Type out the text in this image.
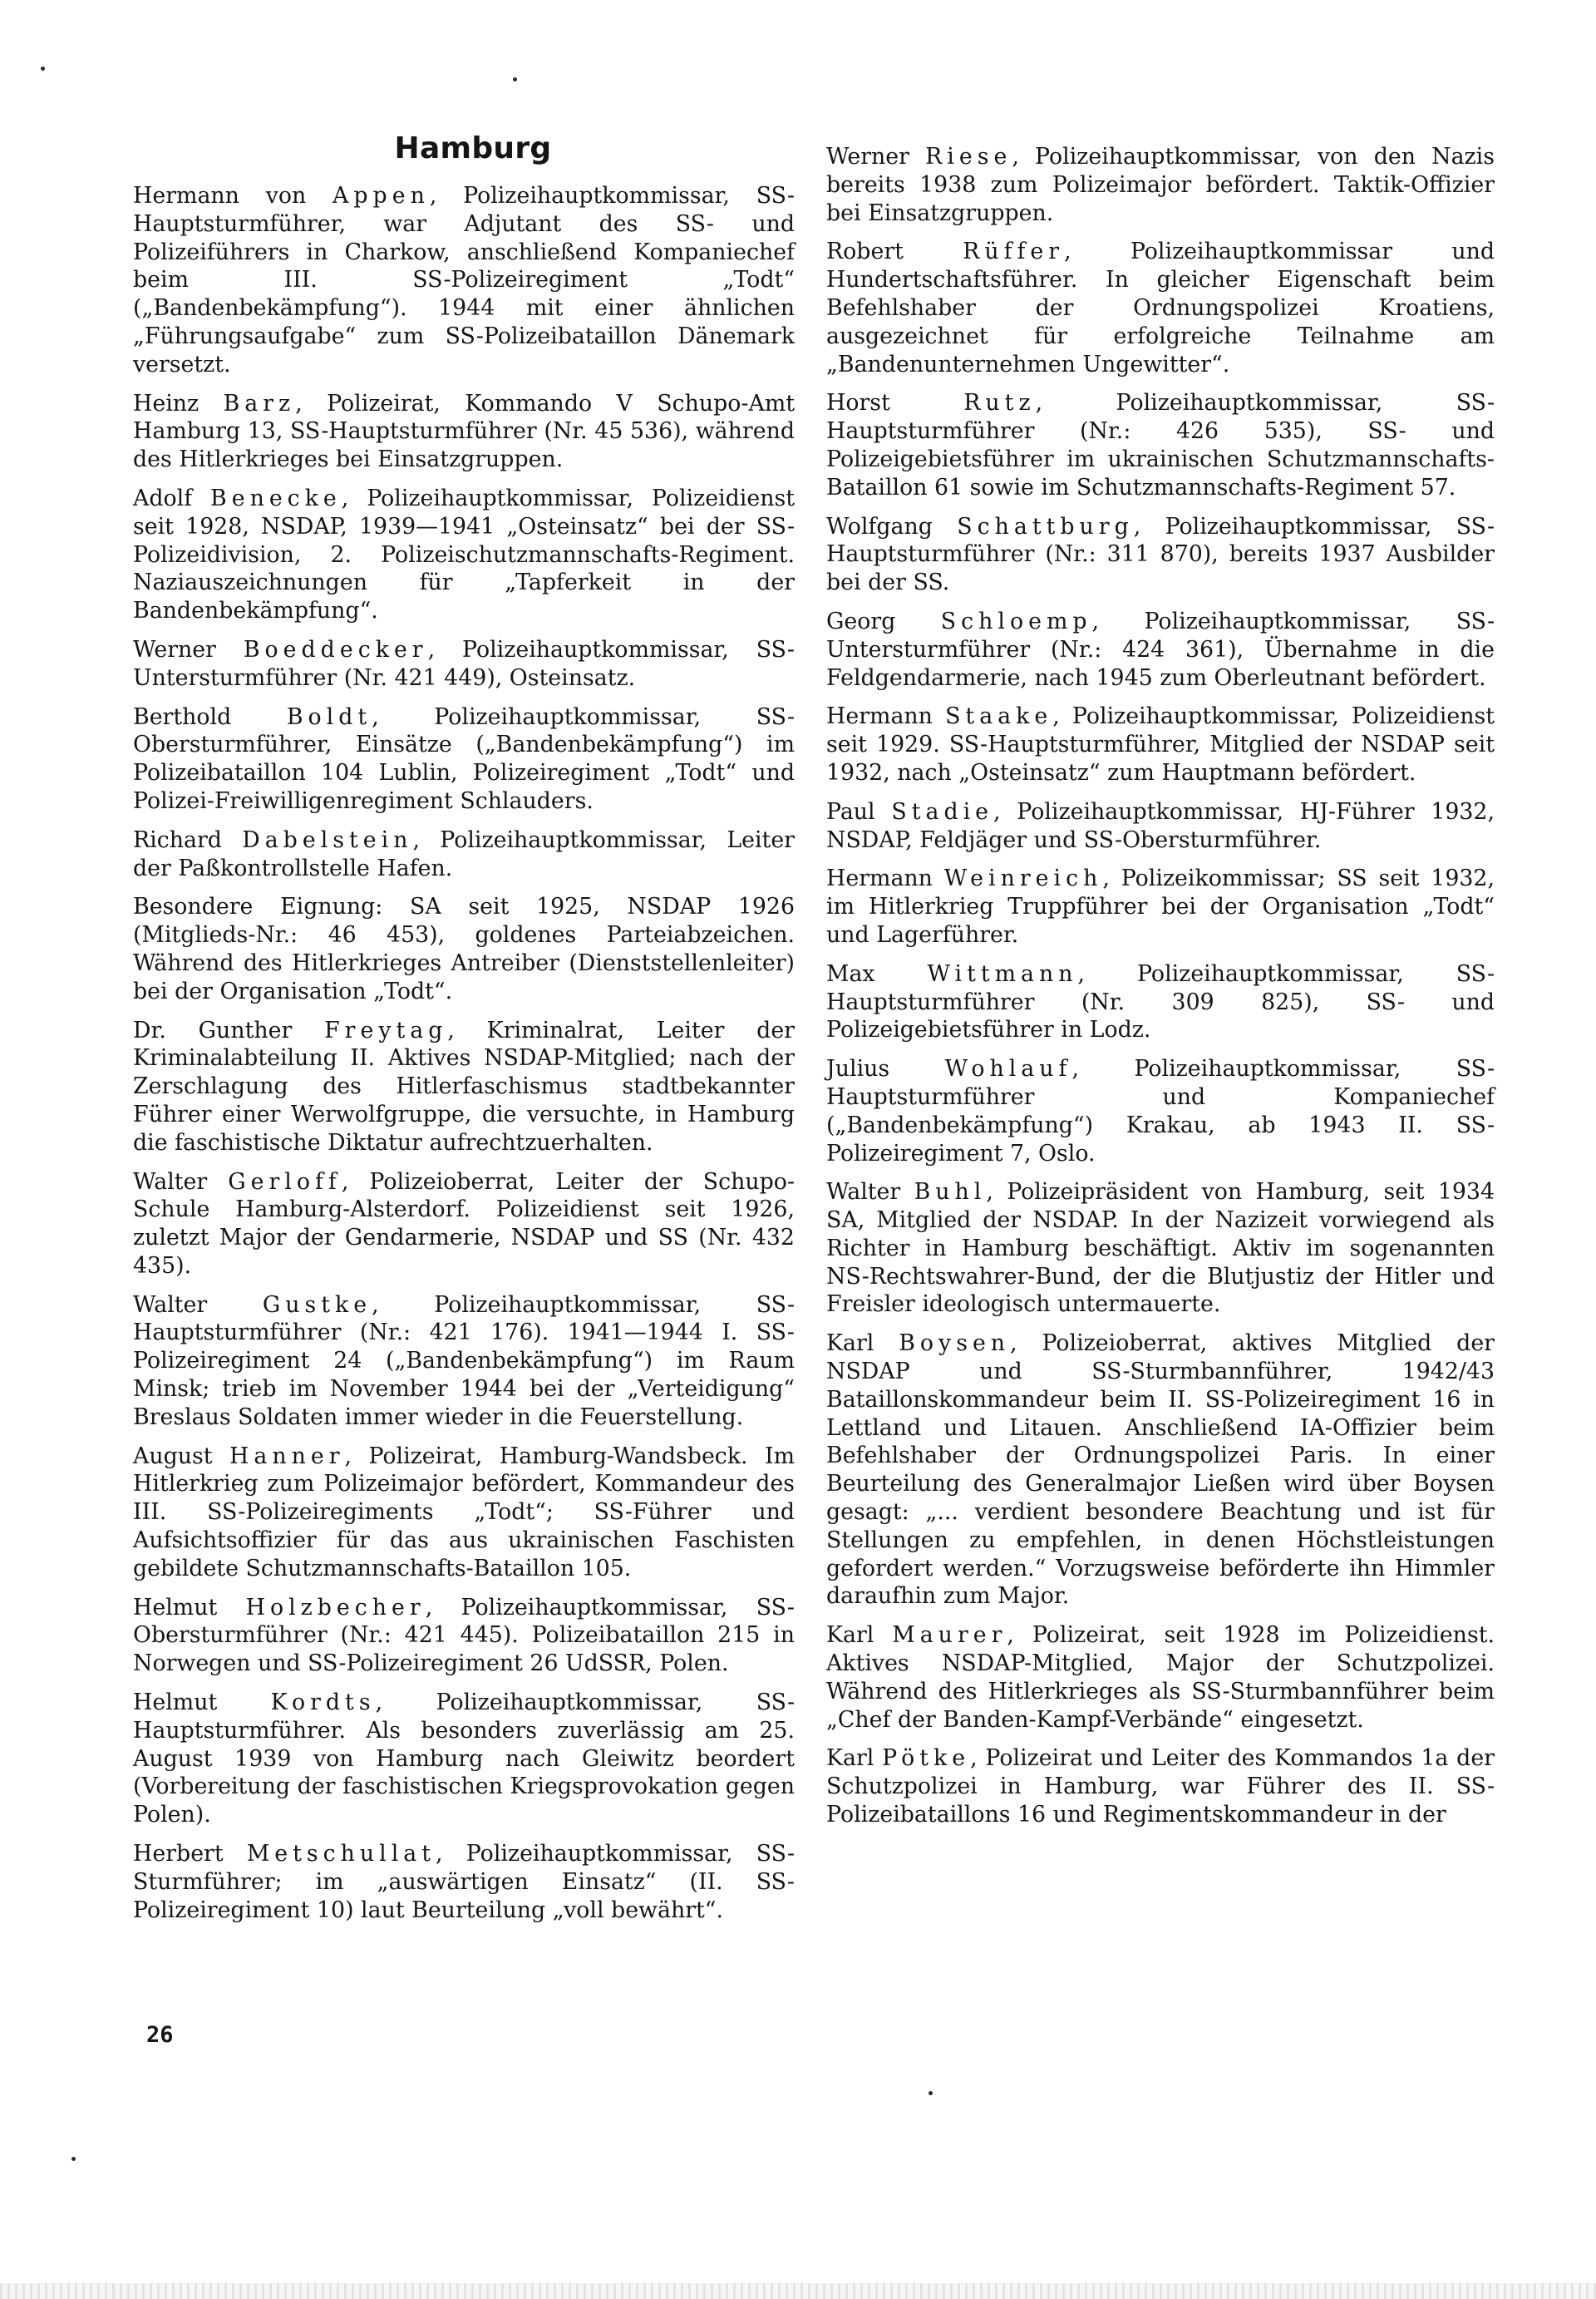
Hamburg

Hermann von Appen, Polizeihauptkommissar, SS-Hauptsturmführer, war Adjutant des SS- und Polizeiführers in Charkow, anschließend Kompaniechef beim III. SS-Polizeiregiment „Todt“ („Bandenbekämpfung“). 1944 mit einer ähnlichen „Führungsaufgabe“ zum SS-Polizeibataillon Dänemark versetzt.

Heinz Barz, Polizeirat, Kommando V Schupo-Amt Hamburg 13, SS-Hauptsturmführer (Nr. 45 536), während des Hitlerkrieges bei Einsatzgruppen.

Adolf Benecke, Polizeihauptkommissar, Polizeidienst seit 1928, NSDAP, 1939—1941 „Osteinsatz“ bei der SS-Polizeidivision, 2. Polizeischutzmannschafts-Regiment. Naziauszeichnungen für „Tapferkeit in der Bandenbekämpfung“.

Werner Boeddecker, Polizeihauptkommissar, SS-Untersturmführer (Nr. 421 449), Osteinsatz.

Berthold Boldt, Polizeihauptkommissar, SS-Obersturmführer, Einsätze („Bandenbekämpfung“) im Polizeibataillon 104 Lublin, Polizeiregiment „Todt“ und Polizei-Freiwilligenregiment Schlauders.

Richard Dabelstein, Polizeihauptkommissar, Leiter der Paßkontrollstelle Hafen.

Besondere Eignung: SA seit 1925, NSDAP 1926 (Mitglieds-Nr.: 46 453), goldenes Parteiabzeichen. Während des Hitlerkrieges Antreiber (Dienststellenleiter) bei der Organisation „Todt“.

Dr. Gunther Freytag, Kriminalrat, Leiter der Kriminalabteilung II. Aktives NSDAP-Mitglied; nach der Zerschlagung des Hitlerfaschismus stadtbekannter Führer einer Werwolfgruppe, die versuchte, in Hamburg die faschistische Diktatur aufrechtzuerhalten.

Walter Gerloff, Polizeioberrat, Leiter der Schupo-Schule Hamburg-Alsterdorf. Polizeidienst seit 1926, zuletzt Major der Gendarmerie, NSDAP und SS (Nr. 432 435).

Walter Gustke, Polizeihauptkommissar, SS-Hauptsturmführer (Nr.: 421 176). 1941—1944 I. SS-Polizeiregiment 24 („Bandenbekämpfung“) im Raum Minsk; trieb im November 1944 bei der „Verteidigung“ Breslaus Soldaten immer wieder in die Feuerstellung.

August Hanner, Polizeirat, Hamburg-Wandsbeck. Im Hitlerkrieg zum Polizeimajor befördert, Kommandeur des III. SS-Polizeiregiments „Todt“; SS-Führer und Aufsichtsoffizier für das aus ukrainischen Faschisten gebildete Schutzmannschafts-Bataillon 105.

Helmut Holzbecher, Polizeihauptkommissar, SS-Obersturmführer (Nr.: 421 445). Polizeibataillon 215 in Norwegen und SS-Polizeiregiment 26 UdSSR, Polen.

Helmut Kordts, Polizeihauptkommissar, SS-Hauptsturmführer. Als besonders zuverlässig am 25. August 1939 von Hamburg nach Gleiwitz beordert (Vorbereitung der faschistischen Kriegsprovokation gegen Polen).

Herbert Metschullat, Polizeihauptkommissar, SS-Sturmführer; im „auswärtigen Einsatz“ (II. SS-Polizeiregiment 10) laut Beurteilung „voll bewährt“.

Werner Riese, Polizeihauptkommissar, von den Nazis bereits 1938 zum Polizeimajor befördert. Taktik-Offizier bei Einsatzgruppen.

Robert Rüffer, Polizeihauptkommissar und Hundertschaftsführer. In gleicher Eigenschaft beim Befehlshaber der Ordnungspolizei Kroatiens, ausgezeichnet für erfolgreiche Teilnahme am „Bandenunternehmen Ungewitter“.

Horst Rutz, Polizeihauptkommissar, SS-Hauptsturmführer (Nr.: 426 535), SS- und Polizeigebietsführer im ukrainischen Schutzmannschafts-Bataillon 61 sowie im Schutzmannschafts-Regiment 57.

Wolfgang Schattburg, Polizeihauptkommissar, SS-Hauptsturmführer (Nr.: 311 870), bereits 1937 Ausbilder bei der SS.

Georg Schloemp, Polizeihauptkommissar, SS-Untersturmführer (Nr.: 424 361), Übernahme in die Feldgendarmerie, nach 1945 zum Oberleutnant befördert.

Hermann Staake, Polizeihauptkommissar, Polizeidienst seit 1929. SS-Hauptsturmführer, Mitglied der NSDAP seit 1932, nach „Osteinsatz“ zum Hauptmann befördert.

Paul Stadie, Polizeihauptkommissar, HJ-Führer 1932, NSDAP, Feldjäger und SS-Obersturmführer.

Hermann Weinreich, Polizeikommissar; SS seit 1932, im Hitlerkrieg Truppführer bei der Organisation „Todt“ und Lagerführer.

Max Wittmann, Polizeihauptkommissar, SS-Hauptsturmführer (Nr. 309 825), SS- und Polizeigebietsführer in Lodz.

Julius Wohlauf, Polizeihauptkommissar, SS-Hauptsturmführer und Kompaniechef („Bandenbekämpfung“) Krakau, ab 1943 II. SS-Polizeiregiment 7, Oslo.

Walter Buhl, Polizeipräsident von Hamburg, seit 1934 SA, Mitglied der NSDAP. In der Nazizeit vorwiegend als Richter in Hamburg beschäftigt. Aktiv im sogenannten NS-Rechtswahrer-Bund, der die Blutjustiz der Hitler und Freisler ideologisch untermauerte.

Karl Boysen, Polizeioberrat, aktives Mitglied der NSDAP und SS-Sturmbannführer, 1942/43 Bataillonskommandeur beim II. SS-Polizeiregiment 16 in Lettland und Litauen. Anschließend IA-Offizier beim Befehlshaber der Ordnungspolizei Paris. In einer Beurteilung des Generalmajor Ließen wird über Boysen gesagt: „... verdient besondere Beachtung und ist für Stellungen zu empfehlen, in denen Höchstleistungen gefordert werden.“ Vorzugsweise beförderte ihn Himmler daraufhin zum Major.

Karl Maurer, Polizeirat, seit 1928 im Polizeidienst. Aktives NSDAP-Mitglied, Major der Schutzpolizei. Während des Hitlerkrieges als SS-Sturmbannführer beim „Chef der Banden-Kampf-Verbände“ eingesetzt.

Karl Pötke, Polizeirat und Leiter des Kommandos 1a der Schutzpolizei in Hamburg, war Führer des II. SS-Polizeibataillons 16 und Regimentskommandeur in der

26
